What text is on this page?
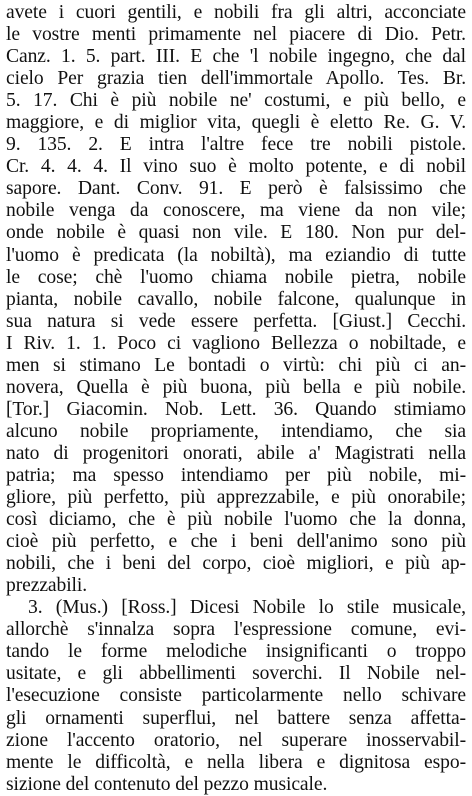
avete i cuori gentili, e nobili fra gli altri, acconciate
le vostre menti primamente nel piacere di Dio. Petr.
Canz. 1. 5. part. III. E che 'l nobile ingegno, che dal
cielo Per grazia tien dell'immortale Apollo. Tes. Br.
5. 17. Chi è più nobile ne' costumi, e più bello, e
maggiore, e di miglior vita, quegli è eletto Re. G. V.
9. 135. 2. E intra l'altre fece tre nobili pistole.
Cr. 4. 4. 4. Il vino suo è molto potente, e di nobil
sapore. Dant. Conv. 91. E però è falsissimo che
nobile venga da conoscere, ma viene da non vile;
onde nobile è quasi non vile. E 180. Non pur del-
l'uomo è predicata (la nobiltà), ma eziandio di tutte
le cose; chè l'uomo chiama nobile pietra, nobile
pianta, nobile cavallo, nobile falcone, qualunque in
sua natura si vede essere perfetta. [Giust.] Cecchi.
I Riv. 1. 1. Poco ci vagliono Bellezza o nobiltade, e
men si stimano Le bontadi o virtù: chi più ci an-
novera, Quella è più buona, più bella e più nobile.
[Tor.] Giacomin. Nob. Lett. 36. Quando stimiamo
alcuno nobile propriamente, intendiamo, che sia
nato di progenitori onorati, abile a' Magistrati nella
patria; ma spesso intendiamo per più nobile, mi-
gliore, più perfetto, più apprezzabile, e più onorabile;
così diciamo, che è più nobile l'uomo che la donna,
cioè più perfetto, e che i beni dell'animo sono più
nobili, che i beni del corpo, cioè migliori, e più ap-
prezzabili.
3. (Mus.) [Ross.] Dicesi Nobile lo stile musicale,
allorchè s'innalza sopra l'espressione comune, evi-
tando le forme melodiche insignificanti o troppo
usitate, e gli abbellimenti soverchi. Il Nobile nel-
l'esecuzione consiste particolarmente nello schivare
gli ornamenti superflui, nel battere senza affetta-
zione l'accento oratorio, nel superare inosservabil-
mente le difficoltà, e nella libera e dignitosa espo-
sizione del contenuto del pezzo musicale.
